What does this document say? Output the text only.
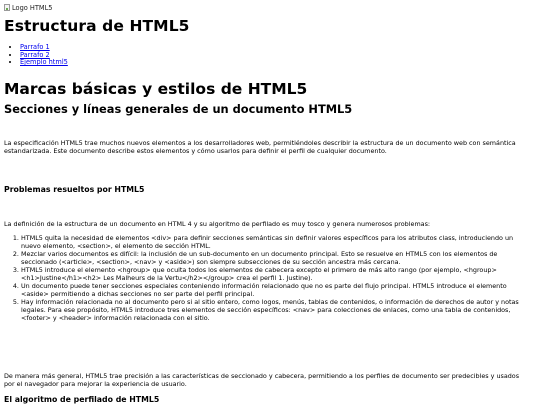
Logo HTML5
Estructura de HTML5
• Parrafo 1
• Parrafo 2
• Ejemplo html5
Marcas básicas y estilos de HTML5
Secciones y líneas generales de un documento HTML5

La especificación HTML5 trae muchos nuevos elementos a los desarrolladores web, permitiéndoles describir la estructura de un documento web con semántica estandarizada. Este documento describe estos elementos y cómo usarlos para definir el perfil de cualquier documento.

Problemas resueltos por HTML5

La definición de la estructura de un documento en HTML 4 y su algoritmo de perfilado es muy tosco y genera numerosos problemas:

1. HTML5 quita la necesidad de elementos <div> para definir secciones semánticas sin definir valores específicos para los atributos class, introduciendo un nuevo elemento, <section>, el elemento de sección HTML.
2. Mezclar varios documentos es difícil: la inclusión de un sub-documento en un documento principal. Esto se resuelve en HTML5 con los elementos de seccionado (<article>, <section>, <nav> y <aside>) son siempre subsecciones de su sección ancestra más cercana.
3. HTML5 introduce el elemento <hgroup> que oculta todos los elementos de cabecera excepto el primero de más alto rango (por ejemplo, <hgroup><h1>Justine</h1><h2> Les Malheurs de la Vertu</h2></group> crea el perfil 1. Justine).
4. Un documento puede tener secciones especiales conteniendo información relacionado que no es parte del flujo principal. HTML5 introduce el elemento <aside> permitiendo a dichas secciones no ser parte del perfil principal.
5. Hay información relacionada no al documento pero si al sitio entero, como logos, menús, tablas de contenidos, o información de derechos de autor y notas legales. Para ese propósito, HTML5 introduce tres elementos de sección específicos: <nav> para colecciones de enlaces, como una tabla de contenidos, <footer> y <header> información relacionada con el sitio.

De manera más general, HTML5 trae precisión a las características de seccionado y cabecera, permitiendo a los perfiles de documento ser predecibles y usados por el navegador para mejorar la experiencia de usuario.

El algoritmo de perfilado de HTML5
